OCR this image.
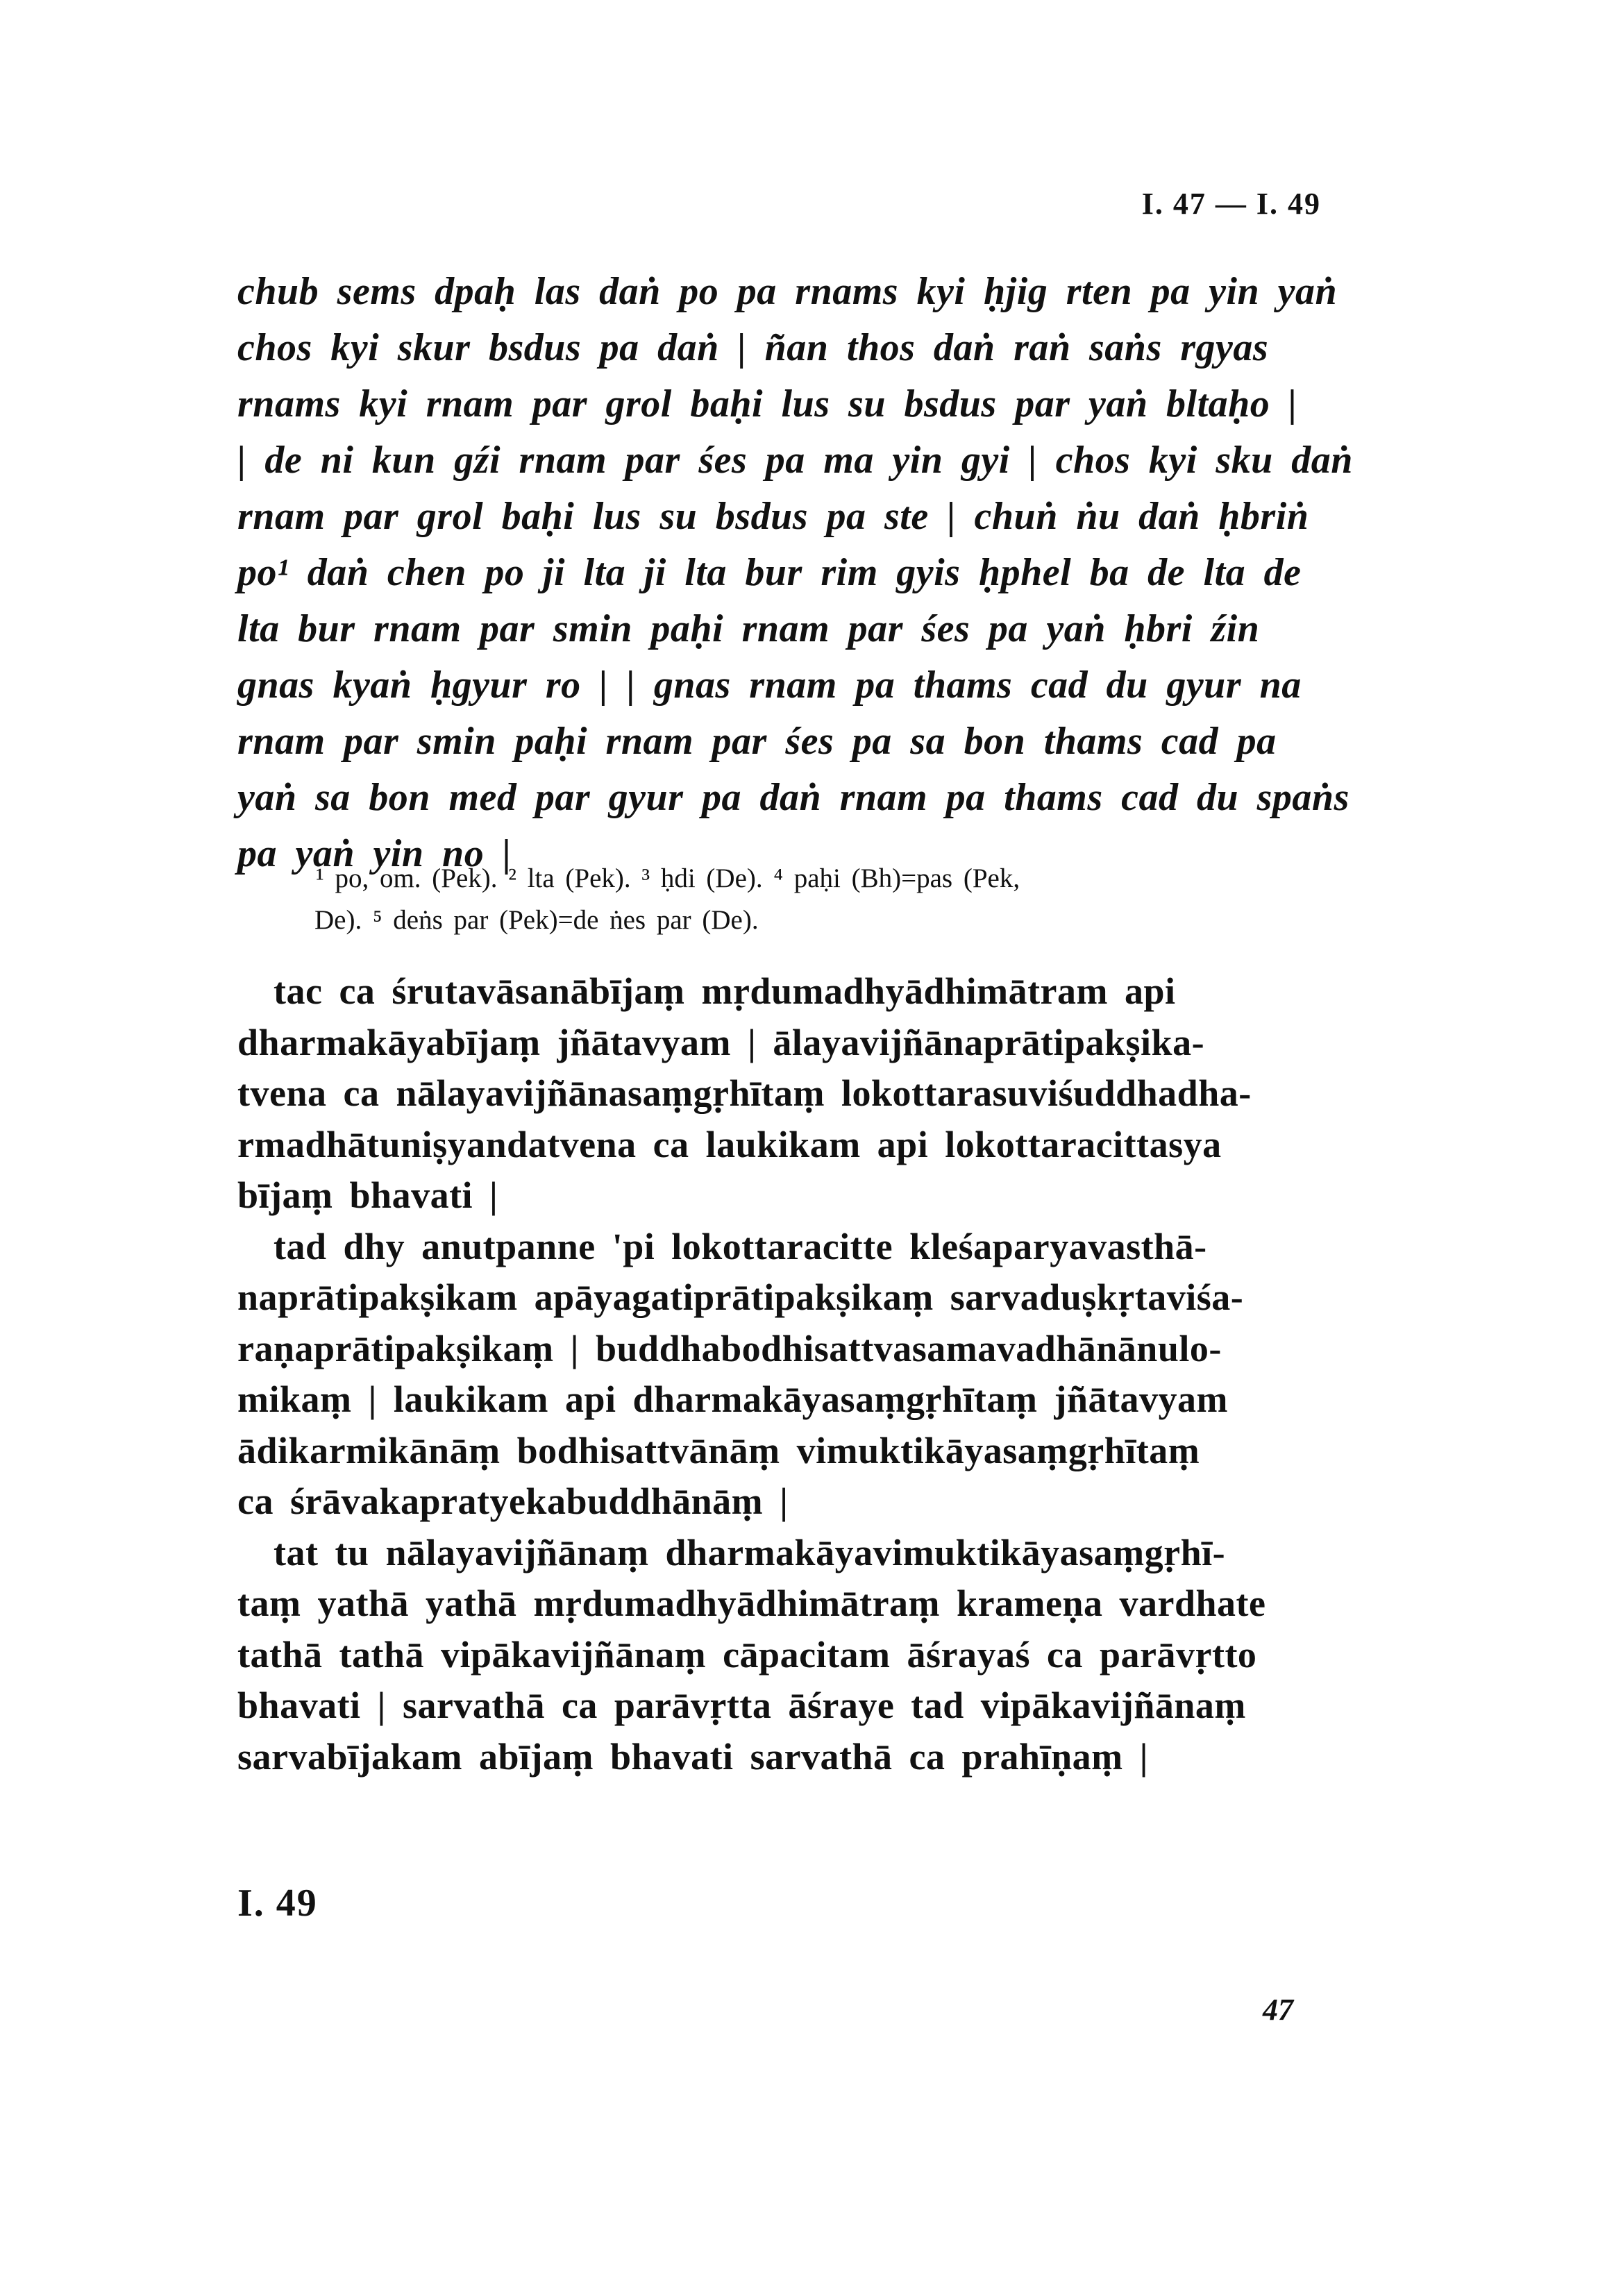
I. 47 — I. 49
chub sems dpaḥ las daṅ po pa rnams kyi ḥjig rten pa yin yaṅ
chos kyi skur bsdus pa daṅ | ñan thos daṅ raṅ saṅs rgyas
rnams kyi rnam par grol baḥi lus su bsdus par yaṅ bltaḥo |
| de ni kun gźi rnam par śes pa ma yin gyi | chos kyi sku daṅ
rnam par grol baḥi lus su bsdus pa ste | chuṅ ṅu daṅ ḥbriṅ
po¹ daṅ chen po ji lta ji lta bur rim gyis ḥphel ba de lta de
lta bur rnam par smin paḥi rnam par śes pa yaṅ ḥbri źin
gnas kyaṅ ḥgyur ro | | gnas rnam pa thams cad du gyur na
rnam par smin paḥi rnam par śes pa sa bon thams cad pa
yaṅ sa bon med par gyur pa daṅ rnam pa thams cad du spaṅs
pa yaṅ yin no |
¹ po, om. (Pek). ² lta (Pek). ³ ḥdi (De). ⁴ paḥi (Bh)=pas (Pek,
De). ⁵ deṅs par (Pek)=de ṅes par (De).
tac ca śrutavāsanābījaṃ mṛdumadhyādhimātram api
dharmakāyabījaṃ jñātavyam | ālayavijñānaprātipakṣika-
tvena ca nālayavijñānasaṃgṛhītaṃ lokottarasuviśuddhadha-
rmadhātuniṣyandatvena ca laukikam api lokottaracittasya
bījaṃ bhavati |
tad dhy anutpanne 'pi lokottaracitte kleśaparyavasthā-
naprātipakṣikam apāyagatiprātipakṣikaṃ sarvaduṣkṛtaviśa-
raṇaprātipakṣikaṃ | buddhabodhisattvasamavadhānānulo-
mikaṃ | laukikam api dharmakāyasaṃgṛhītaṃ jñātavyam
ādikarmikānāṃ bodhisattvānāṃ vimuktikāyasaṃgṛhītaṃ
ca śrāvakapratyekabuddhānāṃ |
tat tu nālayavijñānaṃ dharmakāyavimuktikāyasaṃgṛhī-
taṃ yathā yathā mṛdumadhyādhimātraṃ krameṇa vardhate
tathā tathā vipākavijñānaṃ cāpacitam āśrayaś ca parāvṛtto
bhavati | sarvathā ca parāvṛtta āśraye tad vipākavijñānaṃ
sarvabījakam abījaṃ bhavati sarvathā ca prahīṇaṃ |
I. 49
47
